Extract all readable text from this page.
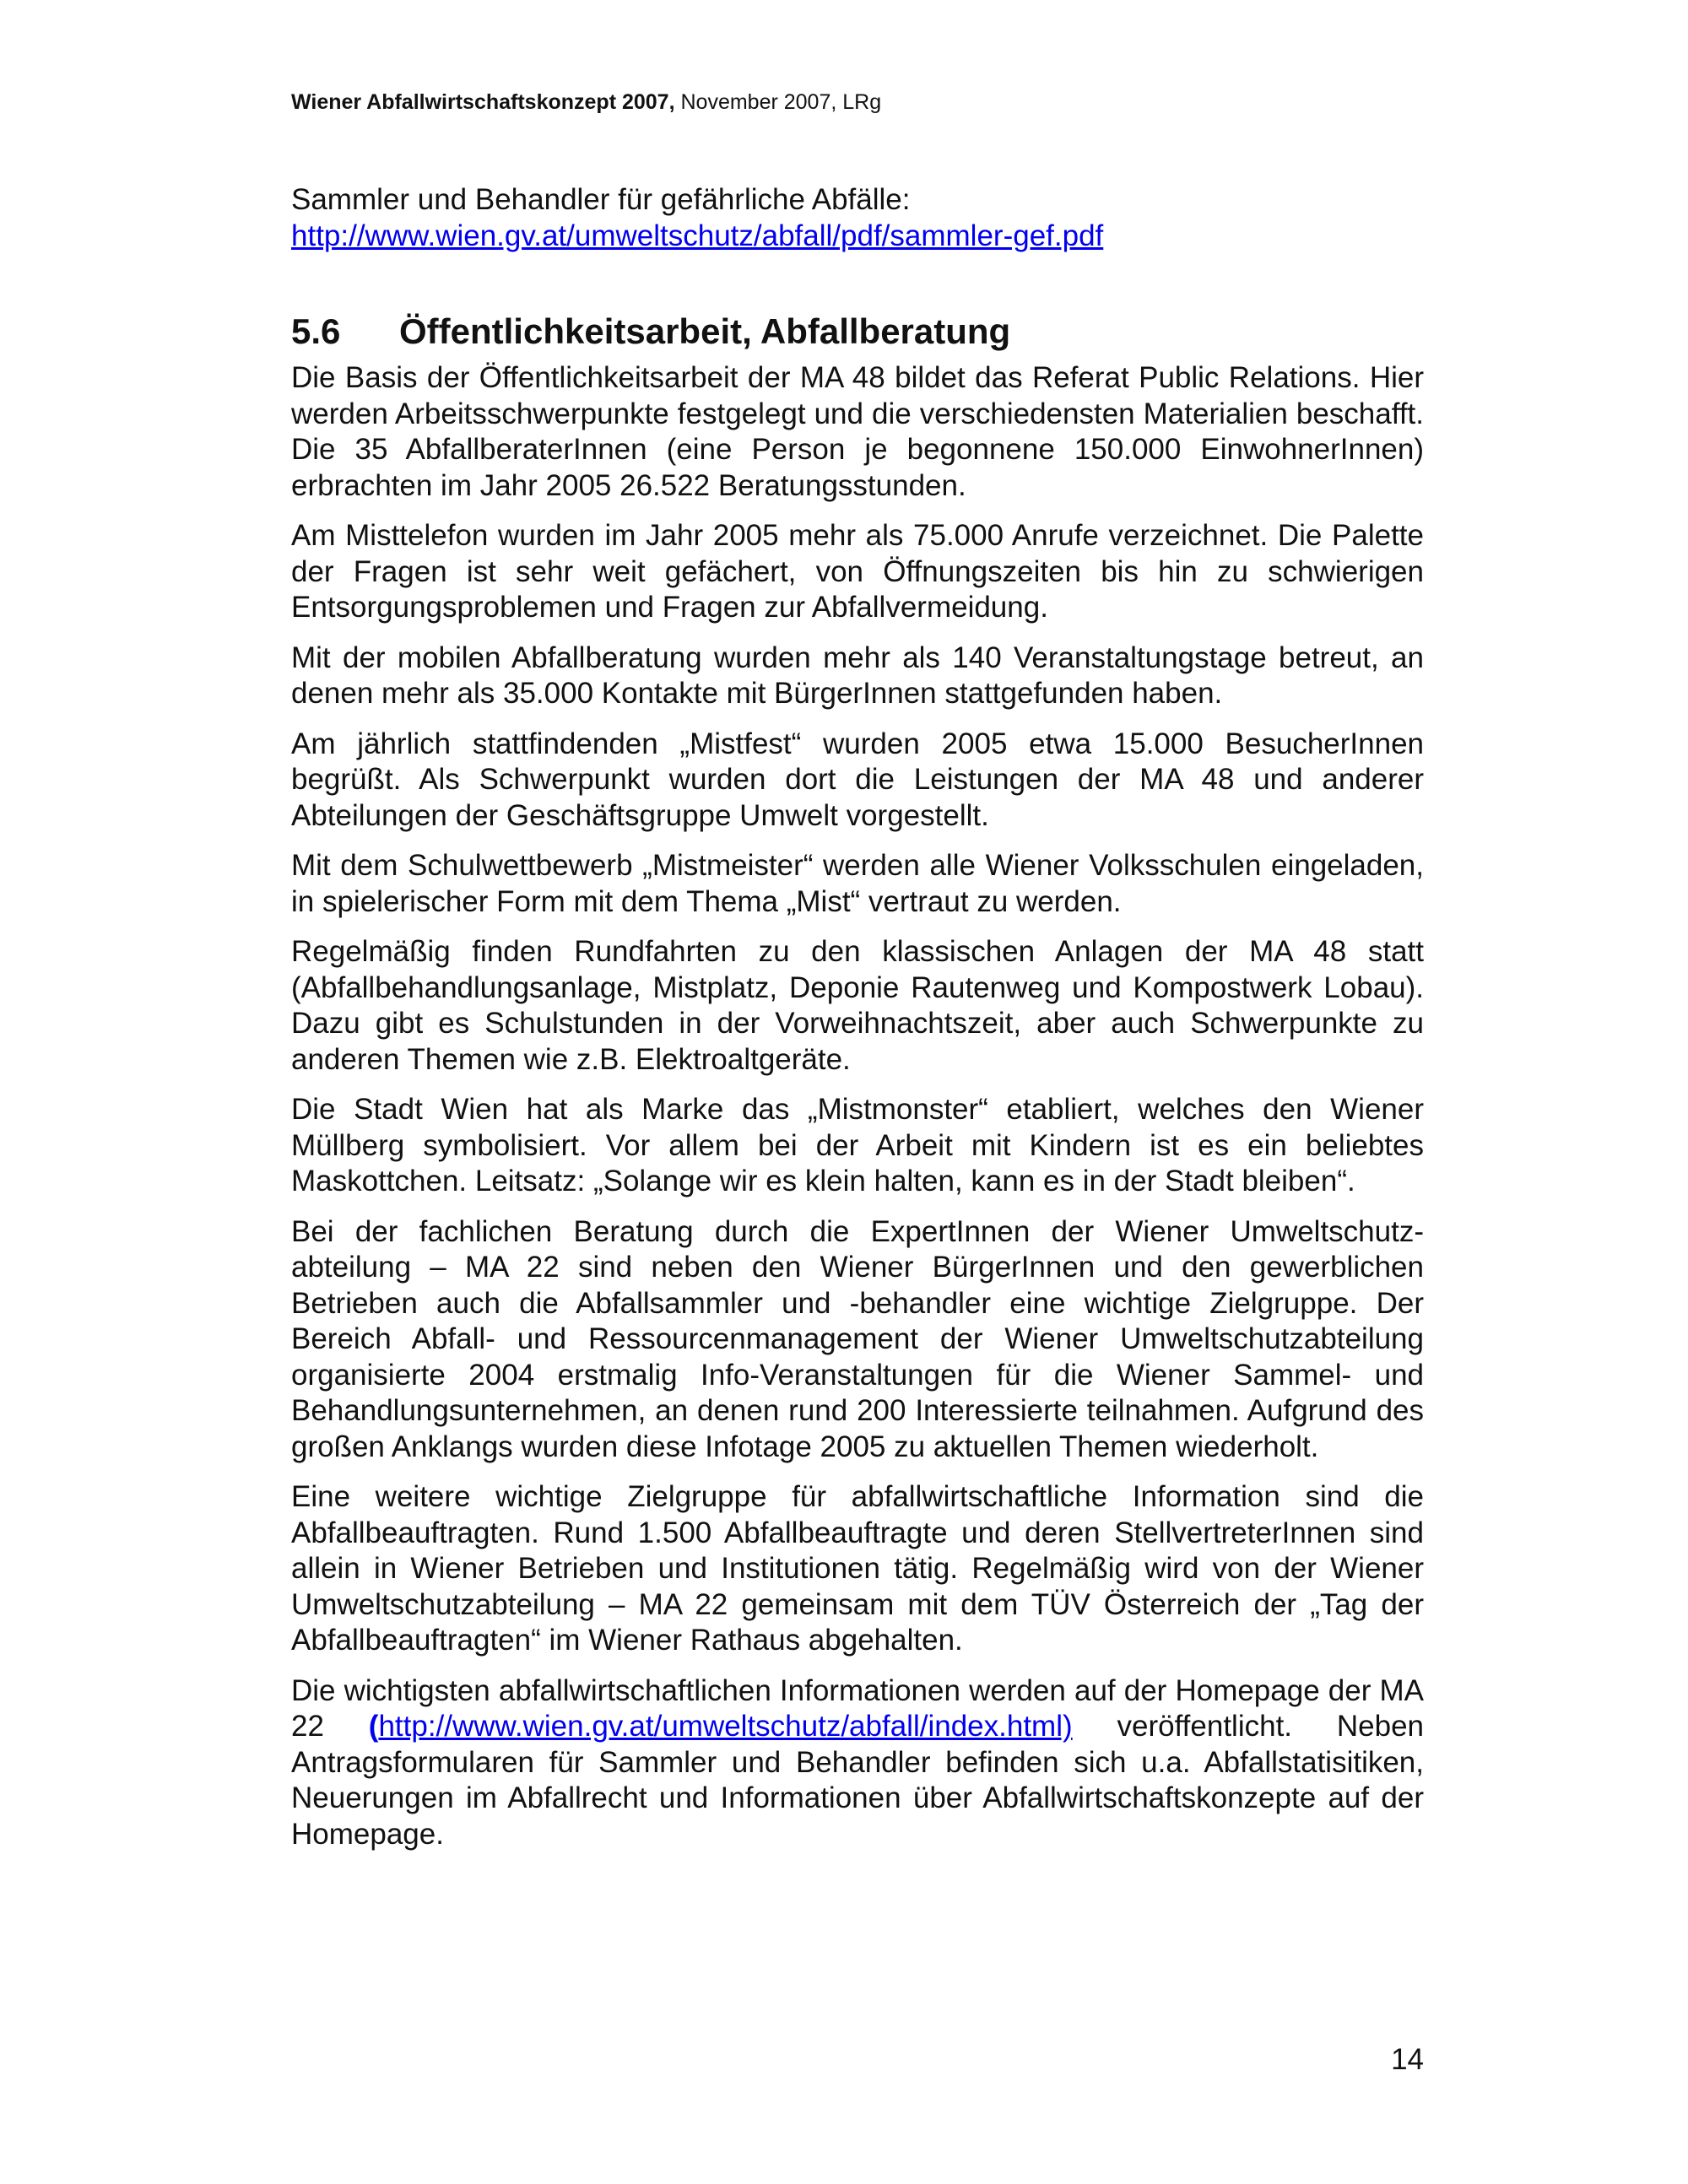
Wiener Abfallwirtschaftskonzept 2007, November 2007, LRg
Sammler und Behandler für gefährliche Abfälle:
http://www.wien.gv.at/umweltschutz/abfall/pdf/sammler-gef.pdf
5.6 Öffentlichkeitsarbeit, Abfallberatung

Die Basis der Öffentlichkeitsarbeit der MA 48 bildet das Referat Public Relations. Hier werden Arbeitsschwerpunkte festgelegt und die verschiedensten Materialien beschafft. Die 35 AbfallberaterInnen (eine Person je begonnene 150.000 EinwohnerInnen) erbrachten im Jahr 2005 26.522 Beratungsstunden.

Am Misttelefon wurden im Jahr 2005 mehr als 75.000 Anrufe verzeichnet. Die Palette der Fragen ist sehr weit gefächert, von Öffnungszeiten bis hin zu schwierigen Entsorgungsproblemen und Fragen zur Abfallvermeidung.

Mit der mobilen Abfallberatung wurden mehr als 140 Veranstaltungstage betreut, an denen mehr als 35.000 Kontakte mit BürgerInnen stattgefunden haben.

Am jährlich stattfindenden „Mistfest“ wurden 2005 etwa 15.000 BesucherInnen begrüßt. Als Schwerpunkt wurden dort die Leistungen der MA 48 und anderer Abteilungen der Geschäftsgruppe Umwelt vorgestellt.

Mit dem Schulwettbewerb „Mistmeister“ werden alle Wiener Volksschulen eingeladen, in spielerischer Form mit dem Thema „Mist“ vertraut zu werden.

Regelmäßig finden Rundfahrten zu den klassischen Anlagen der MA 48 statt (Abfallbehandlungsanlage, Mistplatz, Deponie Rautenweg und Kompostwerk Lobau). Dazu gibt es Schulstunden in der Vorweihnachtszeit, aber auch Schwerpunkte zu anderen Themen wie z.B. Elektroaltgeräte.

Die Stadt Wien hat als Marke das „Mistmonster“ etabliert, welches den Wiener Müllberg symbolisiert. Vor allem bei der Arbeit mit Kindern ist es ein beliebtes Maskottchen. Leitsatz: „Solange wir es klein halten, kann es in der Stadt bleiben“.

Bei der fachlichen Beratung durch die ExpertInnen der Wiener Umweltschutz-abteilung – MA 22 sind neben den Wiener BürgerInnen und den gewerblichen Betrieben auch die Abfallsammler und -behandler eine wichtige Zielgruppe. Der Bereich Abfall- und Ressourcenmanagement der Wiener Umweltschutzabteilung organisierte 2004 erstmalig Info-Veranstaltungen für die Wiener Sammel- und Behandlungsunternehmen, an denen rund 200 Interessierte teilnahmen. Aufgrund des großen Anklangs wurden diese Infotage 2005 zu aktuellen Themen wiederholt.

Eine weitere wichtige Zielgruppe für abfallwirtschaftliche Information sind die Abfallbeauftragten. Rund 1.500 Abfallbeauftragte und deren StellvertreterInnen sind allein in Wiener Betrieben und Institutionen tätig. Regelmäßig wird von der Wiener Umweltschutzabteilung – MA 22 gemeinsam mit dem TÜV Österreich der „Tag der Abfallbeauftragten“ im Wiener Rathaus abgehalten.

Die wichtigsten abfallwirtschaftlichen Informationen werden auf der Homepage der MA 22 (http://www.wien.gv.at/umweltschutz/abfall/index.html) veröffentlicht. Neben Antragsformularen für Sammler und Behandler befinden sich u.a. Abfallstatisitiken, Neuerungen im Abfallrecht und Informationen über Abfallwirtschaftskonzepte auf der Homepage.

14
